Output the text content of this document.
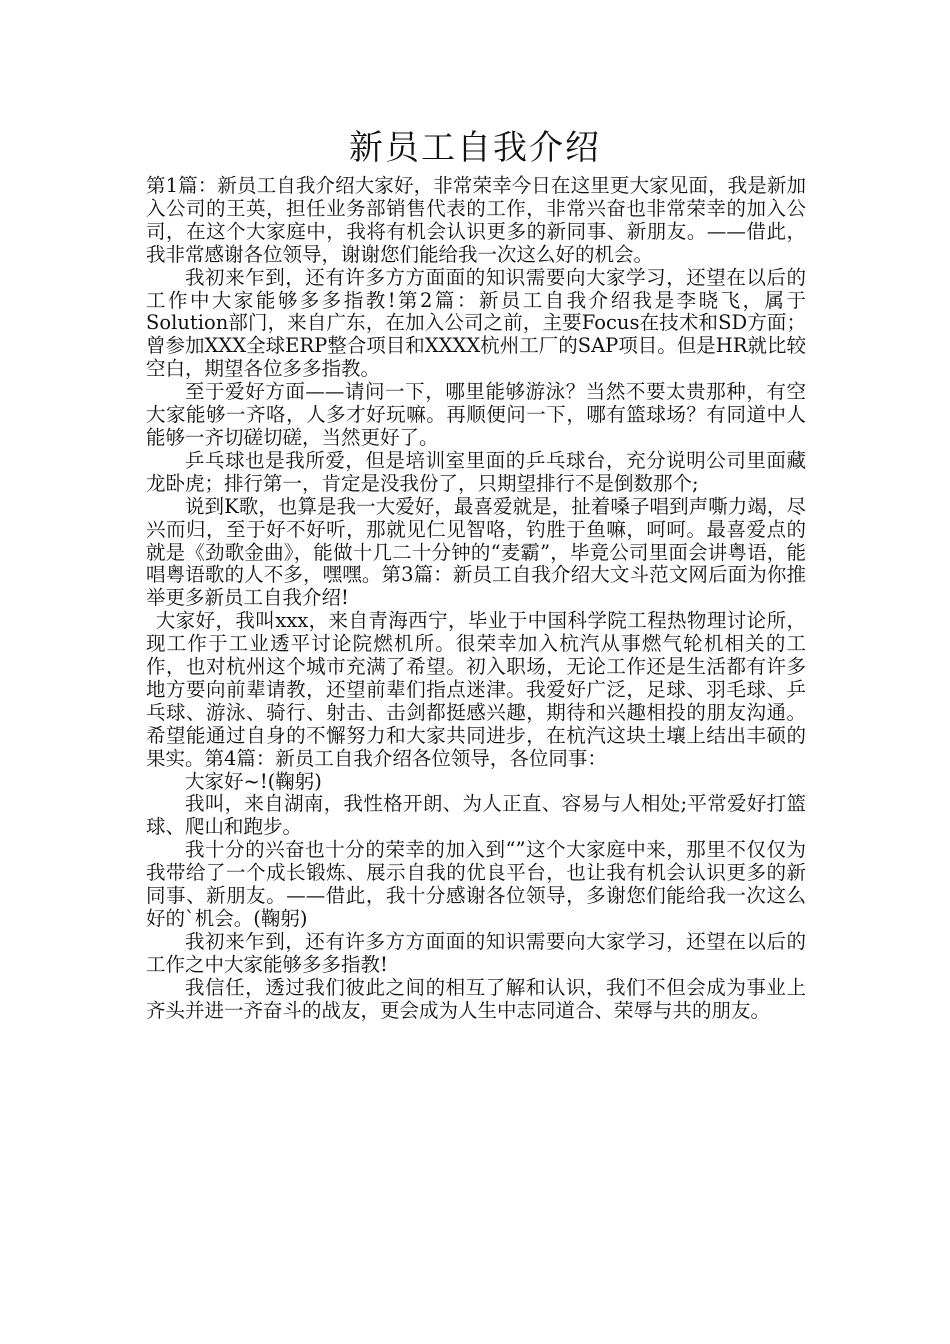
新员工自我介绍

第1篇：新员工自我介绍大家好，非常荣幸今日在这里更大家见面，我是新加入公司的王英，担任业务部销售代表的工作，非常兴奋也非常荣幸的加入公司，在这个大家庭中，我将有机会认识更多的新同事、新朋友。——借此，我非常感谢各位领导，谢谢您们能给我一次这么好的机会。

我初来乍到，还有许多方方面面的知识需要向大家学习，还望在以后的工作中大家能够多多指教!第2篇：新员工自我介绍我是李晓飞，属于Solution部门，来自广东，在加入公司之前，主要Focus在技术和SD方面；曾参加XXX全球ERP整合项目和XXXX杭州工厂的SAP项目。但是HR就比较空白，期望各位多多指教。

至于爱好方面——请问一下，哪里能够游泳？当然不要太贵那种，有空大家能够一齐咯，人多才好玩嘛。再顺便问一下，哪有篮球场？有同道中人能够一齐切磋切磋，当然更好了。

乒乓球也是我所爱，但是培训室里面的乒乓球台，充分说明公司里面藏龙卧虎；排行第一，肯定是没我份了，只期望排行不是倒数那个;

说到K歌，也算是我一大爱好，最喜爱就是，扯着嗓子唱到声嘶力竭，尽兴而归，至于好不好听，那就见仁见智咯，钓胜于鱼嘛，呵呵。最喜爱点的就是《劲歌金曲》，能做十几二十分钟的“麦霸”，毕竟公司里面会讲粤语，能唱粤语歌的人不多，嘿嘿。第3篇：新员工自我介绍大文斗范文网后面为你推举更多新员工自我介绍!

大家好，我叫xxx，来自青海西宁，毕业于中国科学院工程热物理讨论所，现工作于工业透平讨论院燃机所。很荣幸加入杭汽从事燃气轮机相关的工作，也对杭州这个城市充满了希望。初入职场，无论工作还是生活都有许多地方要向前辈请教，还望前辈们指点迷津。我爱好广泛，足球、羽毛球、乒乓球、游泳、骑行、射击、击剑都挺感兴趣，期待和兴趣相投的朋友沟通。希望能通过自身的不懈努力和大家共同进步，在杭汽这块土壤上结出丰硕的果实。第4篇：新员工自我介绍各位领导，各位同事：

大家好~!(鞠躬)

我叫，来自湖南，我性格开朗、为人正直、容易与人相处;平常爱好打篮球、爬山和跑步。

我十分的兴奋也十分的荣幸的加入到“”这个大家庭中来，那里不仅仅为我带给了一个成长锻炼、展示自我的优良平台，也让我有机会认识更多的新同事、新朋友。——借此，我十分感谢各位领导，多谢您们能给我一次这么好的`机会。(鞠躬)

我初来乍到，还有许多方方面面的知识需要向大家学习，还望在以后的工作之中大家能够多多指教!

我信任，透过我们彼此之间的相互了解和认识，我们不但会成为事业上齐头并进一齐奋斗的战友，更会成为人生中志同道合、荣辱与共的朋友。
